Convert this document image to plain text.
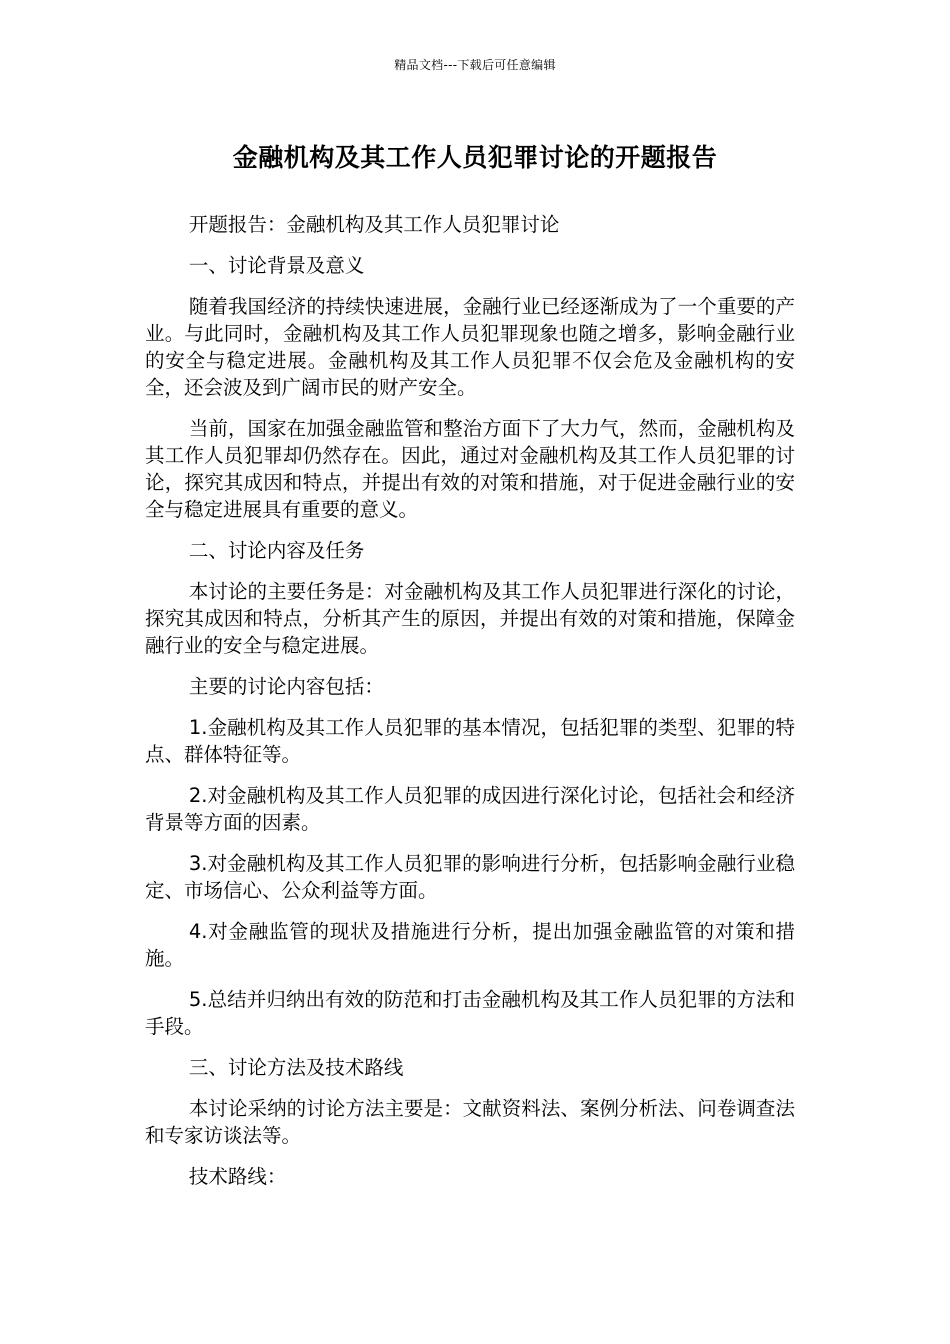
精品文档---下载后可任意编辑
金融机构及其工作人员犯罪讨论的开题报告

开题报告：金融机构及其工作人员犯罪讨论

一、讨论背景及意义

随着我国经济的持续快速进展，金融行业已经逐渐成为了一个重要的产业。与此同时，金融机构及其工作人员犯罪现象也随之增多，影响金融行业的安全与稳定进展。金融机构及其工作人员犯罪不仅会危及金融机构的安全，还会波及到广阔市民的财产安全。

当前，国家在加强金融监管和整治方面下了大力气，然而，金融机构及其工作人员犯罪却仍然存在。因此，通过对金融机构及其工作人员犯罪的讨论，探究其成因和特点，并提出有效的对策和措施，对于促进金融行业的安全与稳定进展具有重要的意义。

二、讨论内容及任务

本讨论的主要任务是：对金融机构及其工作人员犯罪进行深化的讨论，探究其成因和特点，分析其产生的原因，并提出有效的对策和措施，保障金融行业的安全与稳定进展。

主要的讨论内容包括：

1.金融机构及其工作人员犯罪的基本情况，包括犯罪的类型、犯罪的特点、群体特征等。

2.对金融机构及其工作人员犯罪的成因进行深化讨论，包括社会和经济背景等方面的因素。

3.对金融机构及其工作人员犯罪的影响进行分析，包括影响金融行业稳定、市场信心、公众利益等方面。

4.对金融监管的现状及措施进行分析，提出加强金融监管的对策和措施。

5.总结并归纳出有效的防范和打击金融机构及其工作人员犯罪的方法和手段。

三、讨论方法及技术路线

本讨论采纳的讨论方法主要是：文献资料法、案例分析法、问卷调查法和专家访谈法等。

技术路线：
